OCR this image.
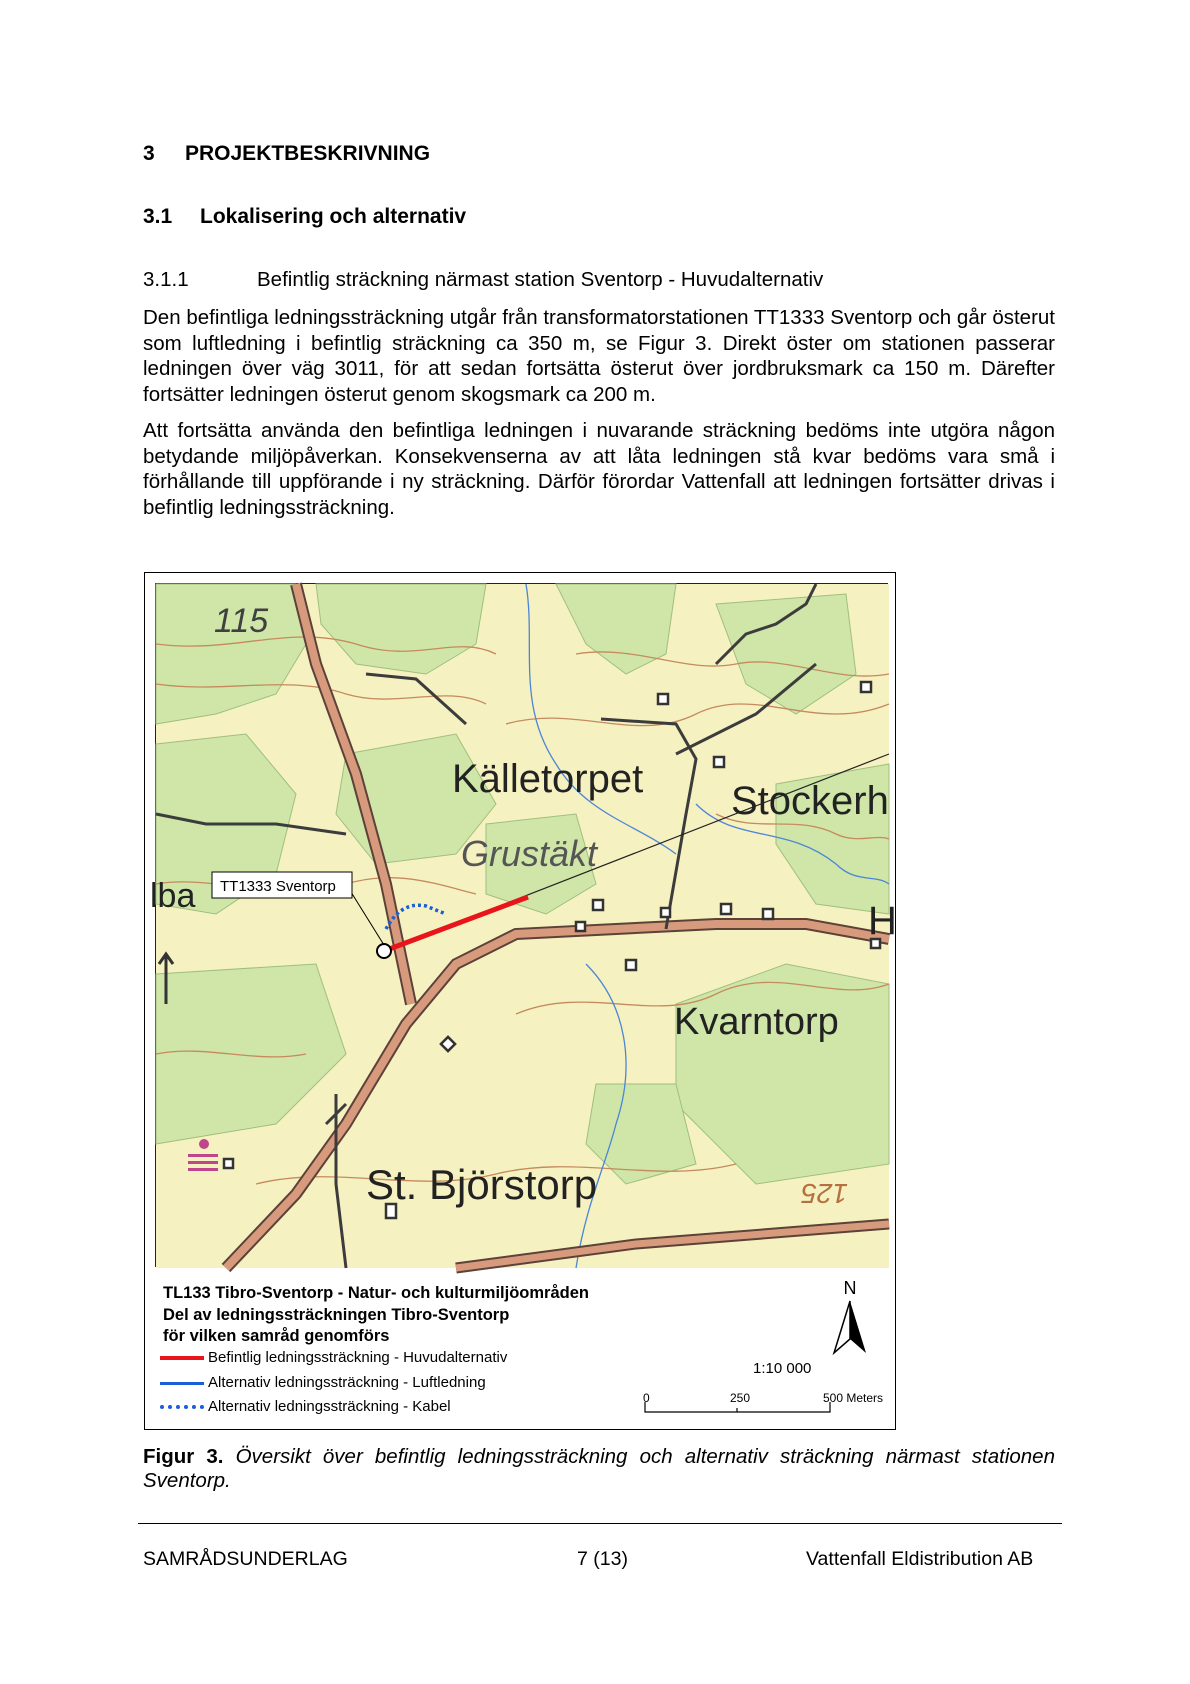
3 PROJEKTBESKRIVNING
3.1 Lokalisering och alternativ
3.1.1	Befintlig sträckning närmast station Sventorp - Huvudalternativ
Den befintliga ledningssträckning utgår från transformatorstationen TT1333 Sventorp och går österut som luftledning i befintlig sträckning ca 350 m, se Figur 3. Direkt öster om stationen passerar ledningen över väg 3011, för att sedan fortsätta österut över jordbruksmark ca 150 m. Därefter fortsätter ledningen österut genom skogsmark ca 200 m.
Att fortsätta använda den befintliga ledningen i nuvarande sträckning bedöms inte utgöra någon betydande miljöpåverkan. Konsekvenserna av att låta ledningen stå kvar bedöms vara små i förhållande till uppförande i ny sträckning. Därför förordar Vattenfall att ledningen fortsätter drivas i befintlig ledningssträckning.
115
125
Källetorpet
Grustäkt
Stockerh
Kvarntorp
St. Björstorp
lba
H
TT1333 Sventorp
TL133 Tibro-Sventorp - Natur- och kulturmiljöområden
Del av ledningssträckningen Tibro-Sventorp
för vilken samråd genomförs
Befintlig ledningssträckning - Huvudalternativ
Alternativ ledningssträckning - Luftledning
Alternativ ledningssträckning - Kabel
N
1:10 000
0	250	500 Meters
Figur 3. Översikt över befintlig ledningssträckning och alternativ sträckning närmast stationen Sventorp.
SAMRÅDSUNDERLAG	7 (13)	Vattenfall Eldistribution AB
